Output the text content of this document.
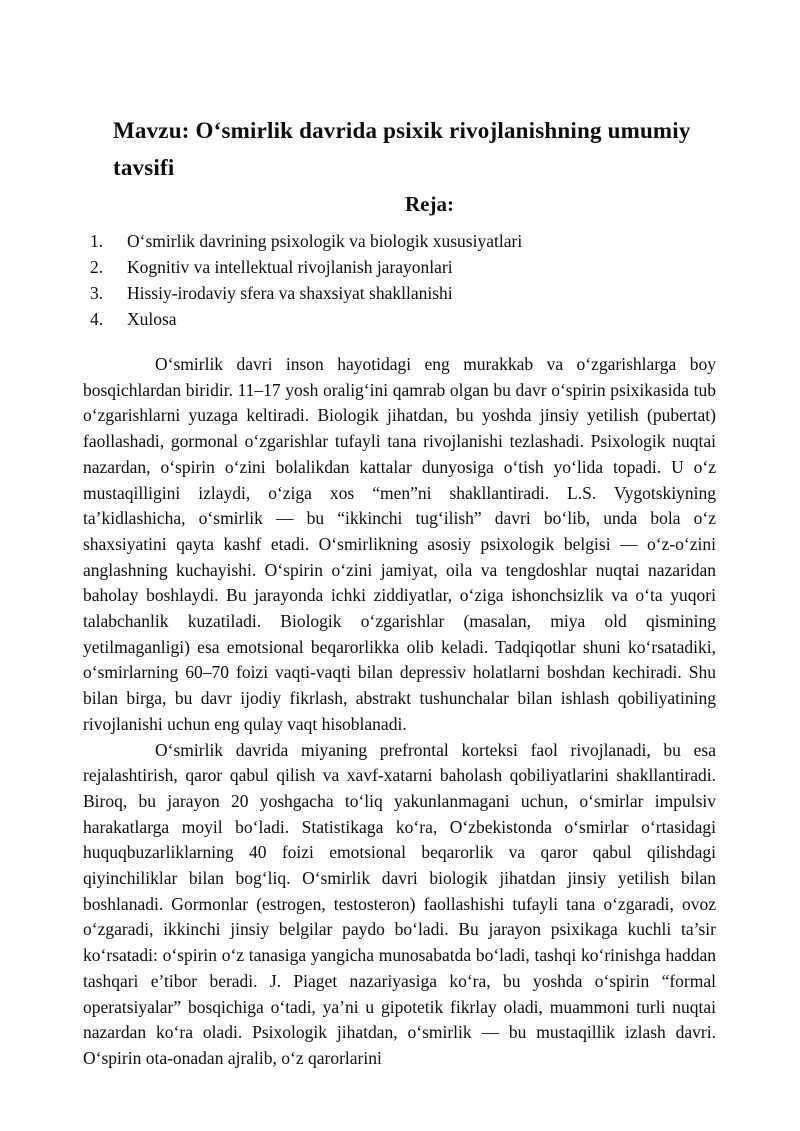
Mavzu: O‘smirlik davrida psixik rivojlanishning umumiy tavsifi
Reja:
1.	O‘smirlik davrining psixologik va biologik xususiyatlari
2.	Kognitiv va intellektual rivojlanish jarayonlari
3.	Hissiy-irodaviy sfera va shaxsiyat shakllanishi
4.	Xulosa

O‘smirlik davri inson hayotidagi eng murakkab va o‘zgarishlarga boy bosqichlardan biridir. 11–17 yosh oralig‘ini qamrab olgan bu davr o‘spirin psixikasida tub o‘zgarishlarni yuzaga keltiradi. Biologik jihatdan, bu yoshda jinsiy yetilish (pubertat) faollashadi, gormonal o‘zgarishlar tufayli tana rivojlanishi tezlashadi. Psixologik nuqtai nazardan, o‘spirin o‘zini bolalikdan kattalar dunyosiga o‘tish yo‘lida topadi. U o‘z mustaqilligini izlaydi, o‘ziga xos “men”ni shakllantiradi. L.S. Vygotskiyning ta’kidlashicha, o‘smirlik — bu “ikkinchi tug‘ilish” davri bo‘lib, unda bola o‘z shaxsiyatini qayta kashf etadi. O‘smirlikning asosiy psixologik belgisi — o‘z-o‘zini anglashning kuchayishi. O‘spirin o‘zini jamiyat, oila va tengdoshlar nuqtai nazaridan baholay boshlaydi. Bu jarayonda ichki ziddiyatlar, o‘ziga ishonchsizlik va o‘ta yuqori talabchanlik kuzatiladi. Biologik o‘zgarishlar (masalan, miya old qismining yetilmaganligi) esa emotsional beqarorlikka olib keladi. Tadqiqotlar shuni ko‘rsatadiki, o‘smirlarning 60–70 foizi vaqti-vaqti bilan depressiv holatlarni boshdan kechiradi. Shu bilan birga, bu davr ijodiy fikrlash, abstrakt tushunchalar bilan ishlash qobiliyatining rivojlanishi uchun eng qulay vaqt hisoblanadi.

O‘smirlik davrida miyaning prefrontal korteksi faol rivojlanadi, bu esa rejalashtirish, qaror qabul qilish va xavf-xatarni baholash qobiliyatlarini shakllantiradi. Biroq, bu jarayon 20 yoshgacha to‘liq yakunlanmagani uchun, o‘smirlar impulsiv harakatlarga moyil bo‘ladi. Statistikaga ko‘ra, O‘zbekistonda o‘smirlar o‘rtasidagi huquqbuzarliklarning 40 foizi emotsional beqarorlik va qaror qabul qilishdagi qiyinchiliklar bilan bog‘liq. O‘smirlik davri biologik jihatdan jinsiy yetilish bilan boshlanadi. Gormonlar (estrogen, testosteron) faollashishi tufayli tana o‘zgaradi, ovoz o‘zgaradi, ikkinchi jinsiy belgilar paydo bo‘ladi. Bu jarayon psixikaga kuchli ta’sir ko‘rsatadi: o‘spirin o‘z tanasiga yangicha munosabatda bo‘ladi, tashqi ko‘rinishga haddan tashqari e’tibor beradi. J. Piaget nazariyasiga ko‘ra, bu yoshda o‘spirin “formal operatsiyalar” bosqichiga o‘tadi, ya’ni u gipotetik fikrlay oladi, muammoni turli nuqtai nazardan ko‘ra oladi. Psixologik jihatdan, o‘smirlik — bu mustaqillik izlash davri. O‘spirin ota-onadan ajralib, o‘z qarorlarini
